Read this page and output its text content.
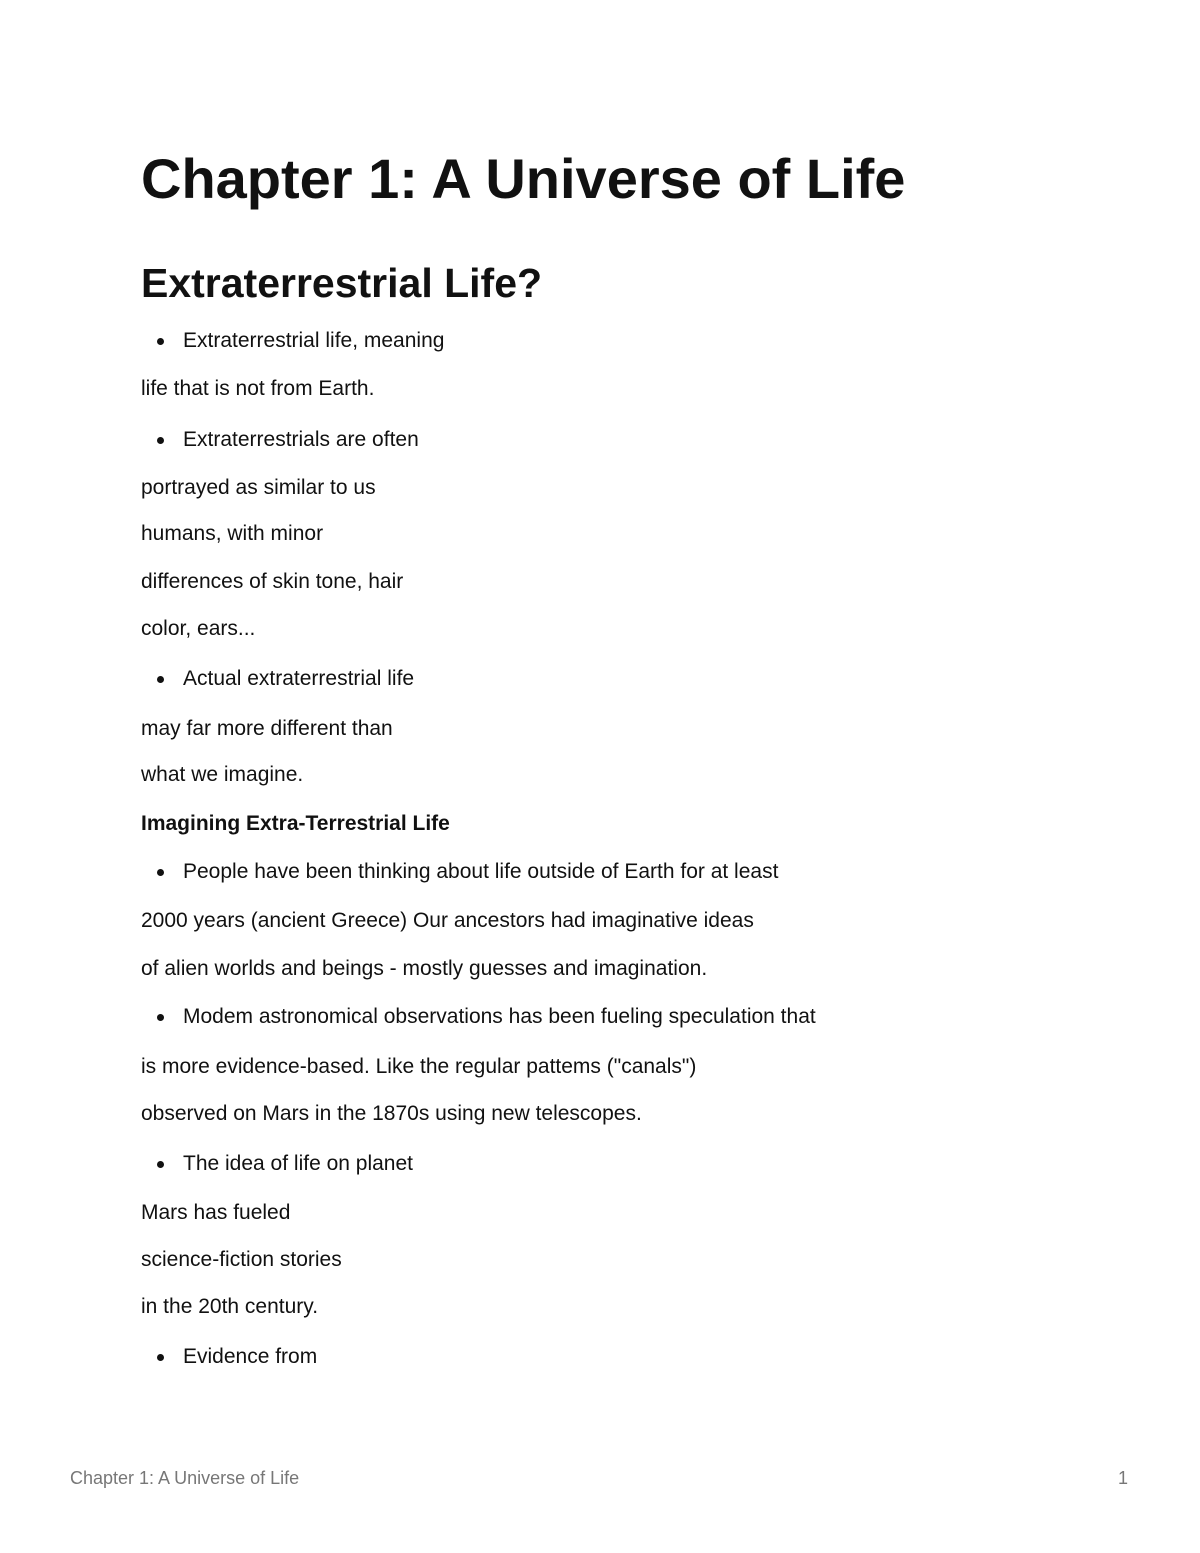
Chapter 1: A Universe of Life
Extraterrestrial Life?

Extraterrestrial life, meaning

life that is not from Earth.

Extraterrestrials are often

portrayed as similar to us

humans, with minor

differences of skin tone, hair

color, ears...

Actual extraterrestrial life

may far more different than

what we imagine.

Imagining Extra-Terrestrial Life

People have been thinking about life outside of Earth for at least

2000 years (ancient Greece) Our ancestors had imaginative ideas

of alien worlds and beings - mostly guesses and imagination.

Modem astronomical observations has been fueling speculation that

is more evidence-based. Like the regular pattems ("canals")

observed on Mars in the 1870s using new telescopes.

The idea of life on planet

Mars has fueled

science-fiction stories

in the 20th century.

Evidence from

Chapter 1: A Universe of Life	1
